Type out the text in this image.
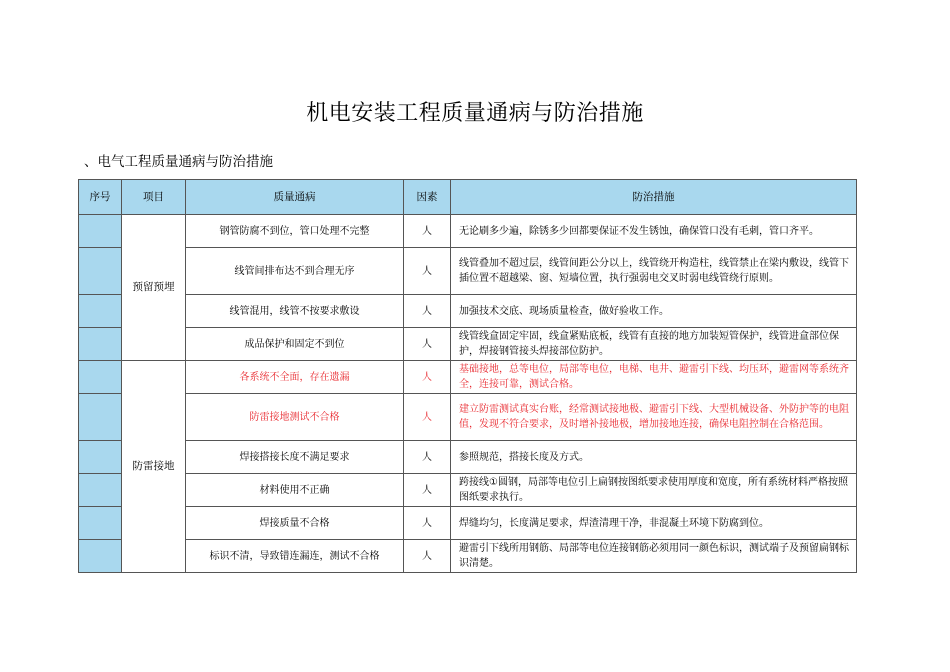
机电安装工程质量通病与防治措施
、电气工程质量通病与防治措施
序号	项目	质量通病	因素	防治措施
	预留预埋	钢管防腐不到位，管口处理不完整	人	无论刷多少遍，除锈多少回都要保证不发生锈蚀，确保管口没有毛刺，管口齐平。
		线管间排布达不到合理无序	人	线管叠加不超过层，线管间距公分以上，线管绕开构造柱，线管禁止在梁内敷设，线管下插位置不超越梁、窗、短墙位置，执行强弱电交叉时弱电线管绕行原则。
		线管混用，线管不按要求敷设	人	加强技术交底、现场质量检查，做好验收工作。
		成品保护和固定不到位	人	线管线盒固定牢固，线盒紧贴底板，线管有直接的地方加装短管保护，线管进盒部位保护，焊接钢管接头焊接部位防护。
	防雷接地	各系统不全面，存在遗漏	人	基础接地，总等电位，局部等电位，电梯、电井、避雷引下线、均压环，避雷网等系统齐全，连接可靠，测试合格。
		防雷接地测试不合格	人	建立防雷测试真实台账，经常测试接地极、避雷引下线、大型机械设备、外防护等的电阻值，发现不符合要求，及时增补接地极，增加接地连接，确保电阻控制在合格范围。
		焊接搭接长度不满足要求	人	参照规范，搭接长度及方式。
		材料使用不正确	人	跨接线①圆钢，局部等电位引上扁钢按图纸要求使用厚度和宽度，所有系统材料严格按照图纸要求执行。
		焊接质量不合格	人	焊缝均匀，长度满足要求，焊渣清理干净，非混凝土环境下防腐到位。
		标识不清，导致错连漏连，测试不合格	人	避雷引下线所用钢筋、局部等电位连接钢筋必须用同一颜色标识，测试端子及预留扁钢标识清楚。
